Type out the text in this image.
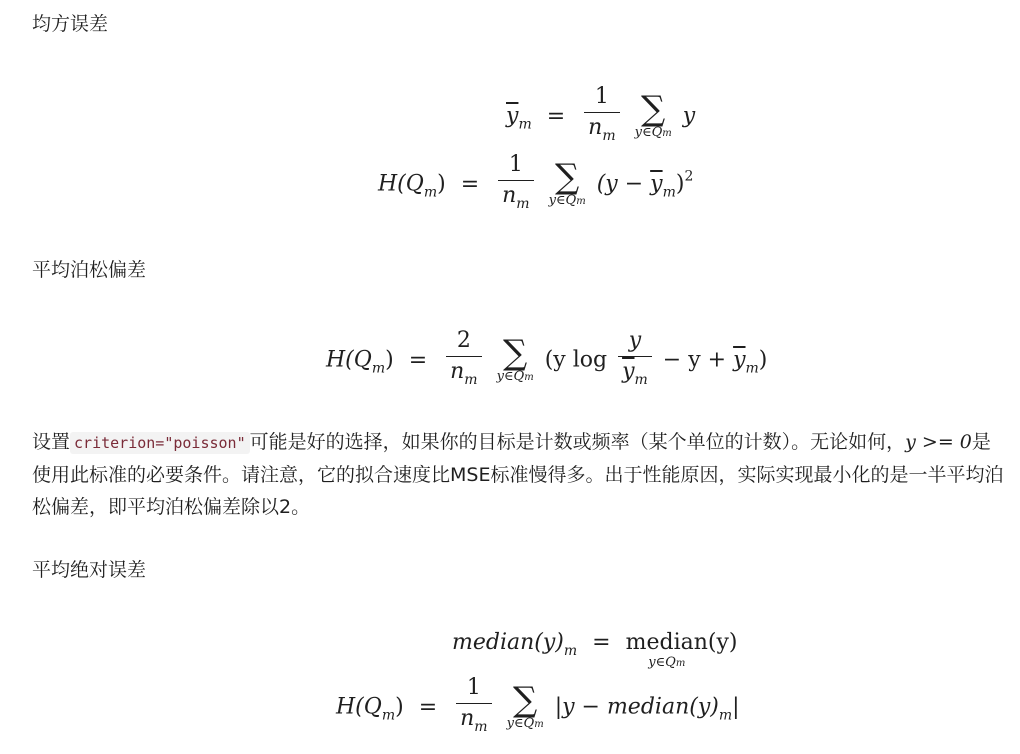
均方误差
$\overline{y}_m = \frac{1}{n_m}$
∑
y∈Qm
y
$H(Q_m) = \frac{1}{n_m}$
∑
y∈Qm
$(y - \overline{y}_m)^2$
平均泊松偏差
$H(Q_m) = \frac{2}{n_m}$
∑
y∈Qm
(y $\log \frac{y}{\overline{y}_m} - y + \overline{y}_m$)
设置 criterion="poisson" 可能是好的选择，如果你的目标是计数或频率（某个单位的计数）。无论如何，y >= 0是使用此标准的必要条件。请注意，它的拟合速度比MSE标准慢得多。出于性能原因，实际实现最小化的是一半平均泊松偏差，即平均泊松偏差除以2。
平均绝对误差
$median(y)_m$ = median
y∈Qm
(y)
$H(Q_m) = \frac{1}{n_m}$
∑
y∈Qm
$|y - median(y)_m|$
